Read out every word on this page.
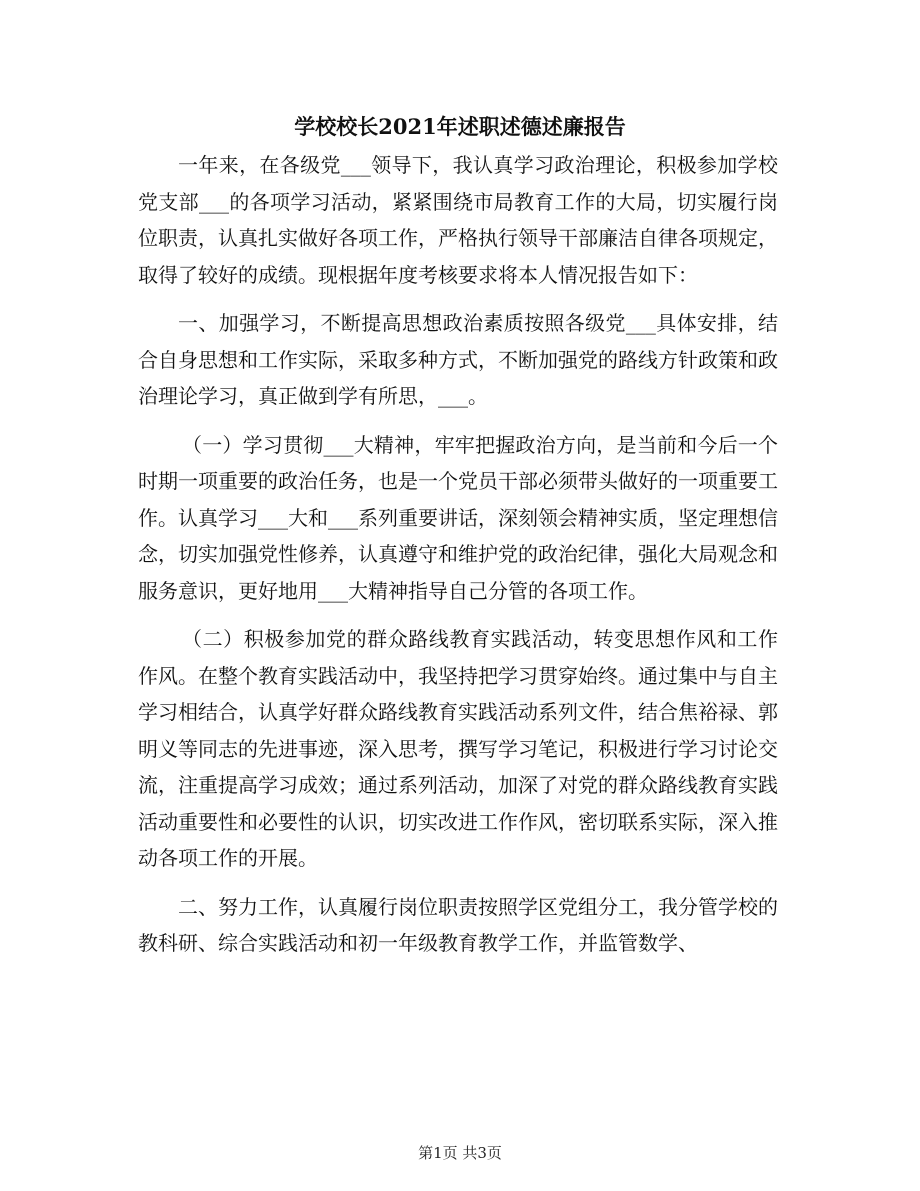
学校校长2021年述职述德述廉报告

一年来，在各级党___领导下，我认真学习政治理论，积极参加学校党支部___的各项学习活动，紧紧围绕市局教育工作的大局，切实履行岗位职责，认真扎实做好各项工作，严格执行领导干部廉洁自律各项规定，取得了较好的成绩。现根据年度考核要求将本人情况报告如下：

一、加强学习，不断提高思想政治素质按照各级党___具体安排，结合自身思想和工作实际，采取多种方式，不断加强党的路线方针政策和政治理论学习，真正做到学有所思，___。

（一）学习贯彻___大精神，牢牢把握政治方向，是当前和今后一个时期一项重要的政治任务，也是一个党员干部必须带头做好的一项重要工作。认真学习___大和___系列重要讲话，深刻领会精神实质，坚定理想信念，切实加强党性修养，认真遵守和维护党的政治纪律，强化大局观念和服务意识，更好地用___大精神指导自己分管的各项工作。

（二）积极参加党的群众路线教育实践活动，转变思想作风和工作作风。在整个教育实践活动中，我坚持把学习贯穿始终。通过集中与自主学习相结合，认真学好群众路线教育实践活动系列文件，结合焦裕禄、郭明义等同志的先进事迹，深入思考，撰写学习笔记，积极进行学习讨论交流，注重提高学习成效；通过系列活动，加深了对党的群众路线教育实践活动重要性和必要性的认识，切实改进工作作风，密切联系实际，深入推动各项工作的开展。

二、努力工作，认真履行岗位职责按照学区党组分工，我分管学校的教科研、综合实践活动和初一年级教育教学工作，并监管数学、

第1页 共3页
